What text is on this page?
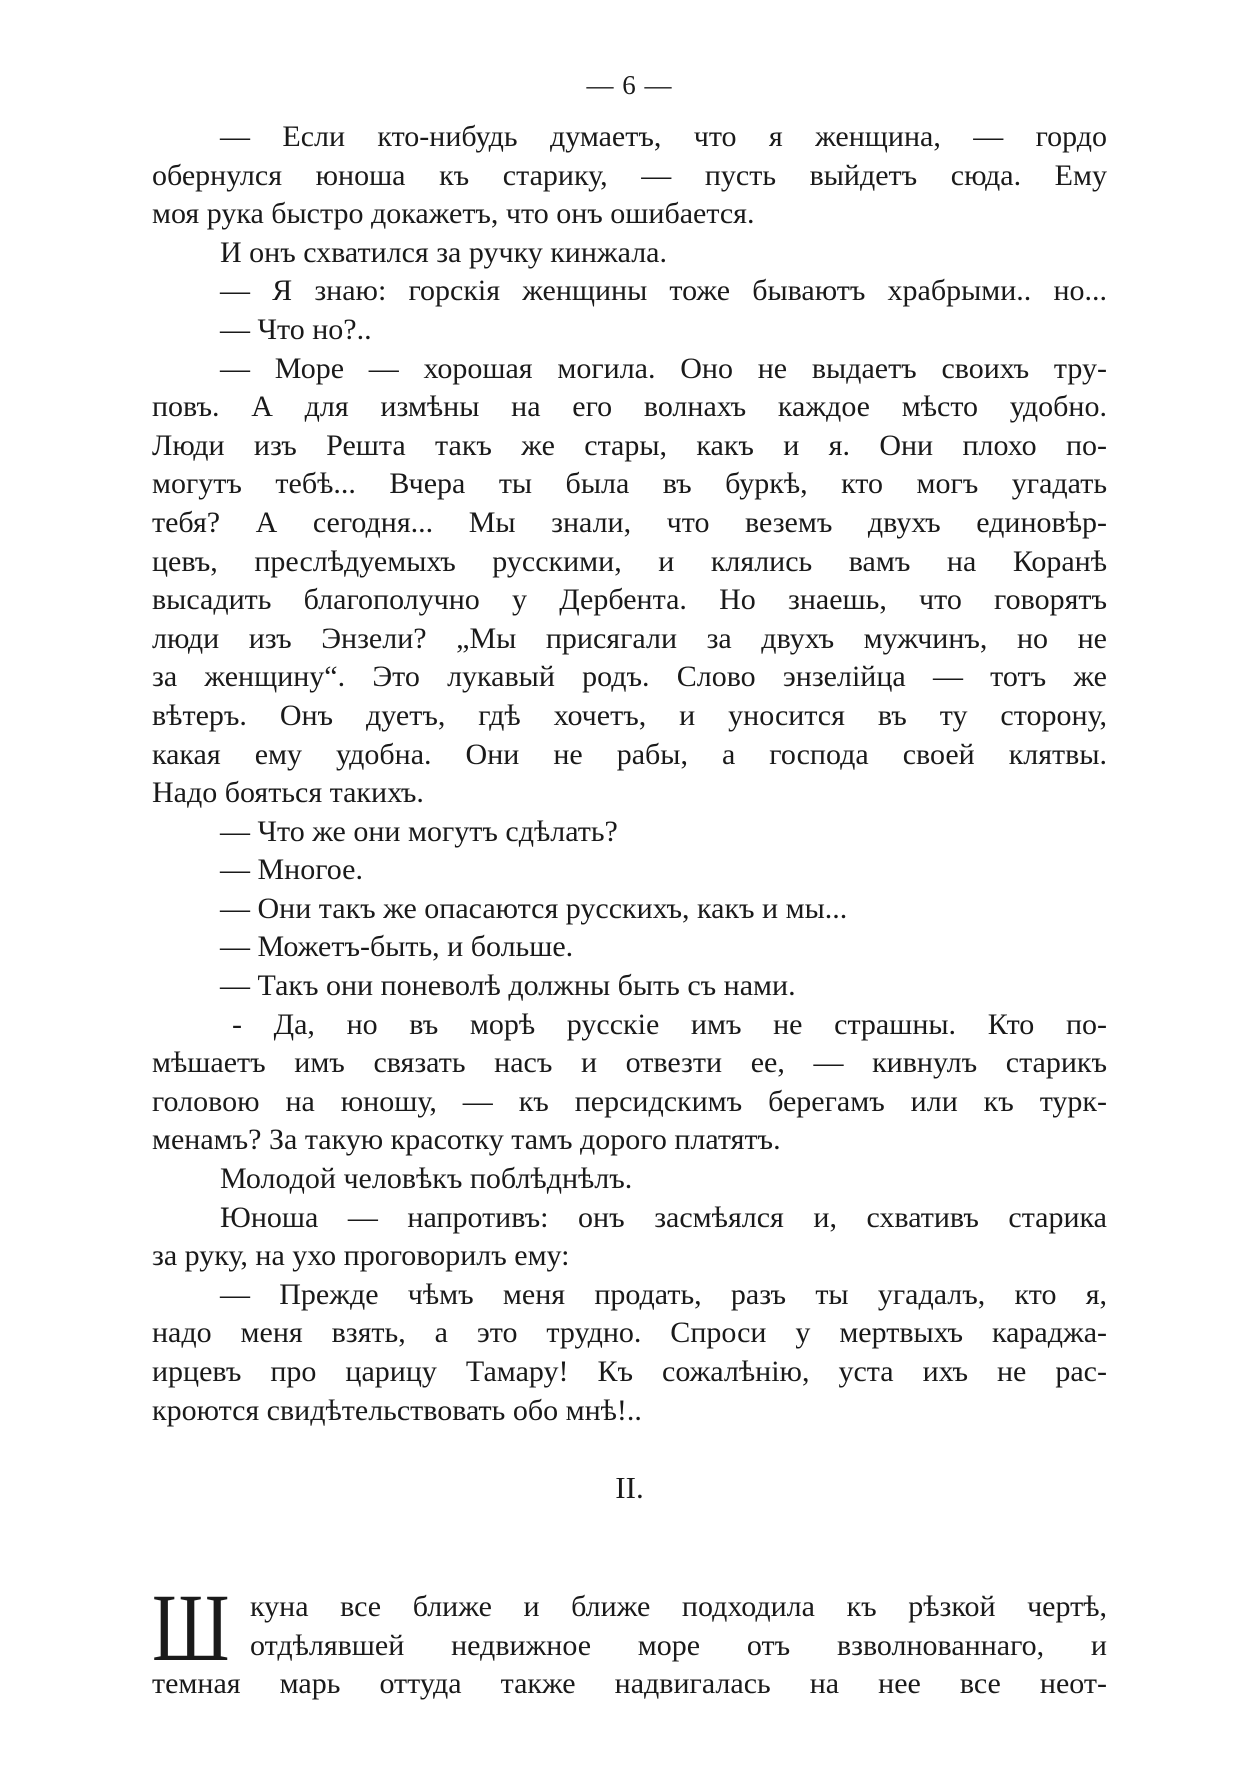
— 6 —
— Если кто-нибудь думаетъ, что я женщина, — гордо
обернулся юноша къ старику, — пусть выйдетъ сюда. Ему
моя рука быстро докажетъ, что онъ ошибается.
И онъ схватился за ручку кинжала.
— Я знаю: горскія женщины тоже бываютъ храбрыми.. но...
— Что но?..
— Море — хорошая могила. Оно не выдаетъ своихъ тру-
повъ. А для измѣны на его волнахъ каждое мѣсто удобно.
Люди изъ Решта такъ же стары, какъ и я. Они плохо по-
могутъ тебѣ... Вчера ты была въ буркѣ, кто могъ угадать
тебя? А сегодня... Мы знали, что веземъ двухъ единовѣр-
цевъ, преслѣдуемыхъ русскими, и клялись вамъ на Коранѣ
высадить благополучно у Дербента. Но знаешь, что говорятъ
люди изъ Энзели? „Мы присягали за двухъ мужчинъ, но не
за женщину“. Это лукавый родъ. Слово энзелійца — тотъ же
вѣтеръ. Онъ дуетъ, гдѣ хочетъ, и уносится въ ту сторону,
какая ему удобна. Они не рабы, а господа своей клятвы.
Надо бояться такихъ.
— Что же они могутъ сдѣлать?
— Многое.
— Они такъ же опасаются русскихъ, какъ и мы...
— Можетъ-быть, и больше.
— Такъ они поневолѣ должны быть съ нами.
- Да, но въ морѣ русскіе имъ не страшны. Кто по-
мѣшаетъ имъ связать насъ и отвезти ее, — кивнулъ старикъ
головою на юношу, — къ персидскимъ берегамъ или къ турк-
менамъ? За такую красотку тамъ дорого платятъ.
Молодой человѣкъ поблѣднѣлъ.
Юноша — напротивъ: онъ засмѣялся и, схвативъ старика
за руку, на ухо проговорилъ ему:
— Прежде чѣмъ меня продать, разъ ты угадалъ, кто я,
надо меня взять, а это трудно. Спроси у мертвыхъ караджа-
ирцевъ про царицу Тамару! Къ сожалѣнію, уста ихъ не рас-
кроются свидѣтельствовать обо мнѣ!..
II.
Ш куна все ближе и ближе подходила къ рѣзкой чертѣ,
отдѣлявшей недвижное море отъ взволнованнаго, и
темная марь оттуда также надвигалась на нее все неот-
